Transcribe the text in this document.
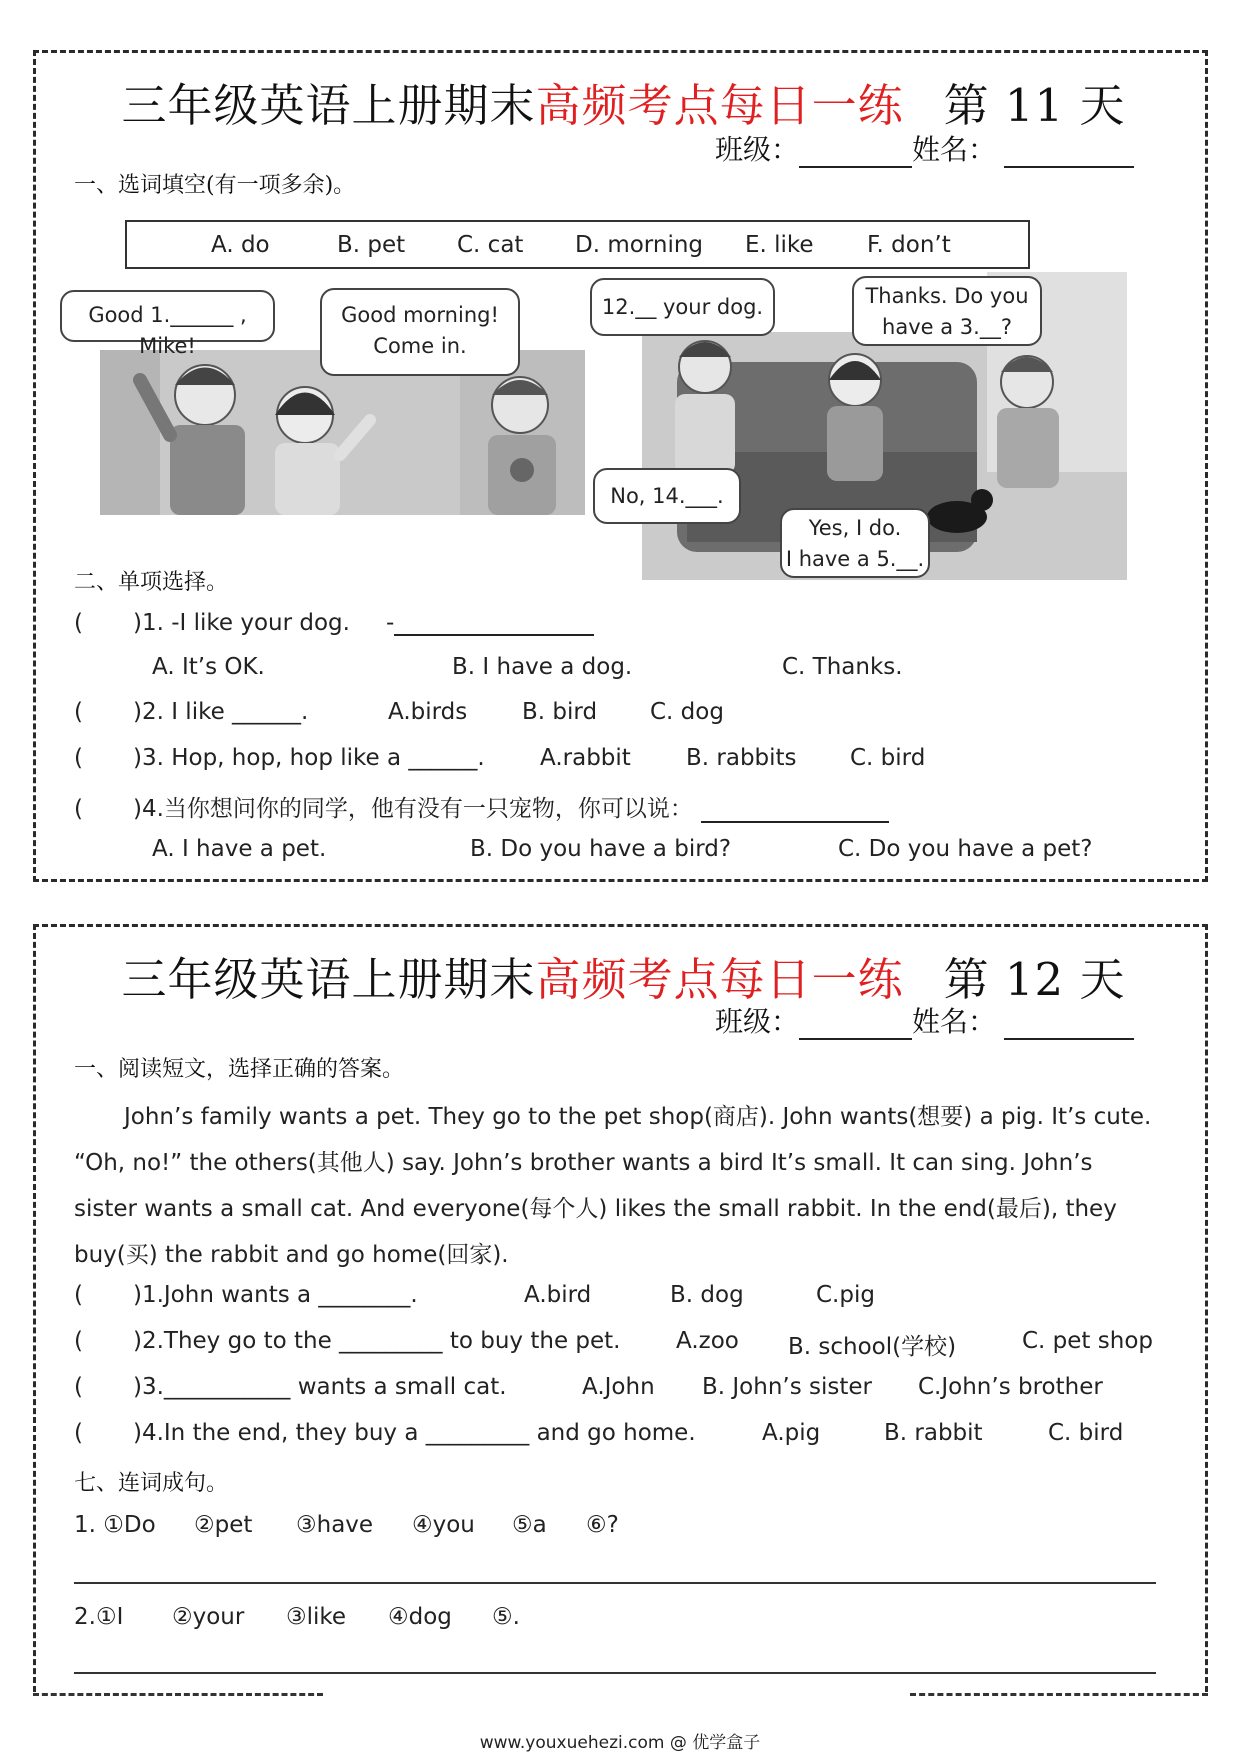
三年级英语上册期末高频考点每日一练 第 11 天
班级：	姓名：
一、选词填空(有一项多余)。
A. do	B. pet C. cat D. morning E. like F. don’t
Good 1.______ , Mike!
Good morning!
Come in.
12.__ your dog.	Thanks. Do you
have a 3.__?
No, 14.___.
Yes, I do.
I have a 5.__.
二、单项选择。
( )1. -I like your dog. -
A. It’s OK.	B. I have a dog.	C. Thanks.
( )2. I like ______.	A.birds B. bird C. dog
( )3. Hop, hop, hop like a ______. A.rabbit B. rabbits C. bird
( )4.当你想问你的同学，他有没有一只宠物，你可以说：
A. I have a pet.	B. Do you have a bird?	C. Do you have a pet?
三年级英语上册期末高频考点每日一练 第 12 天
班级：	姓名：
一、阅读短文，选择正确的答案。
John’s family wants a pet. They go to the pet shop(商店). John wants(想要) a pig. It’s cute.
“Oh, no!” the others(其他人) say. John’s brother wants a bird It’s small. It can sing. John’s
sister wants a small cat. And everyone(每个人) likes the small rabbit. In the end(最后), they
buy(买) the rabbit and go home(回家).
( )1.John wants a ________.	A.bird	B. dog	C.pig
( )2.They go to the _________ to buy the pet. A.zoo B. school(学校)	C. pet shop
( )3.___________ wants a small cat.	A.John B. John’s sister C.John’s brother
( )4.In the end, they buy a _________ and go home.	A.pig	B. rabbit	C. bird
七、连词成句。
1. ①Do ②pet ③have ④you ⑤a ⑥?
2.①I ②your ③like ④dog ⑤.
www.youxuehezi.com @ 优学盒子
